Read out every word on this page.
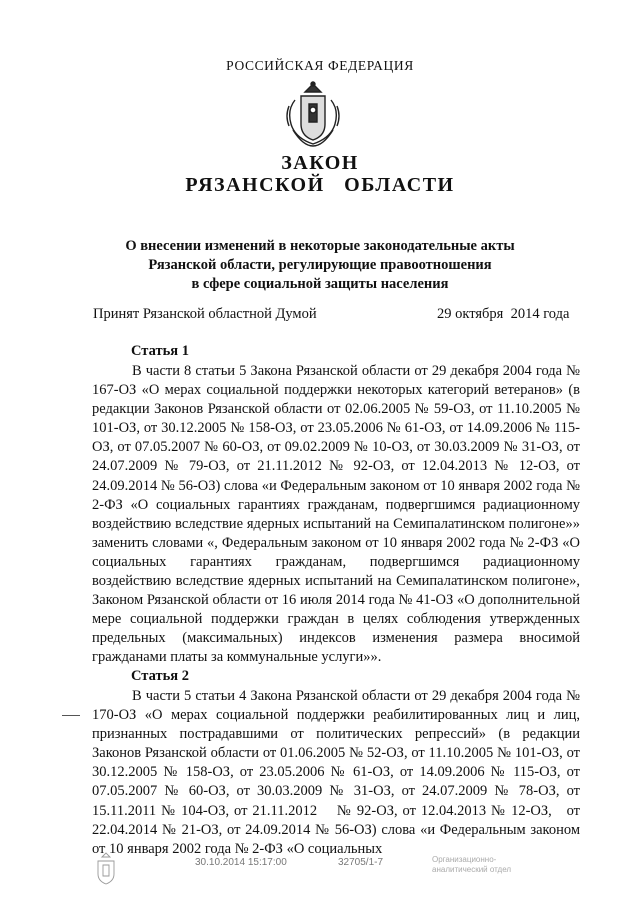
РОССИЙСКАЯ ФЕДЕРАЦИЯ
ЗАКОН
РЯЗАНСКОЙ   ОБЛАСТИ
О внесении изменений в некоторые законодательные акты
Рязанской области, регулирующие правоотношения
в сфере социальной защиты населения
Принят Рязанской областной Думой	29 октября  2014 года
Статья 1

В части 8 статьи 5 Закона Рязанской области от 29 декабря 2004 года № 167-ОЗ «О мерах социальной поддержки некоторых категорий ветеранов» (в редакции Законов Рязанской области от 02.06.2005 № 59-ОЗ, от 11.10.2005 № 101-ОЗ, от 30.12.2005 № 158-ОЗ, от 23.05.2006 № 61-ОЗ, от 14.09.2006 № 115-ОЗ, от 07.05.2007 № 60-ОЗ, от 09.02.2009 № 10-ОЗ, от 30.03.2009 № 31-ОЗ, от 24.07.2009 № 79-ОЗ, от 21.11.2012 № 92-ОЗ, от 12.04.2013 № 12-ОЗ, от 24.09.2014 № 56-ОЗ) слова «и Федеральным законом от 10 января 2002 года № 2-ФЗ «О социальных гарантиях гражданам, подвергшимся радиационному воздействию вследствие ядерных испытаний на Семипалатинском полигоне»» заменить словами «, Федеральным законом от 10 января 2002 года № 2-ФЗ «О социальных гарантиях гражданам, подвергшимся радиационному воздействию вследствие ядерных испытаний на Семипалатинском полигоне», Законом Рязанской области от 16 июля 2014 года № 41-ОЗ «О дополнительной мере социальной поддержки граждан в целях соблюдения утвержденных предельных (максимальных) индексов изменения размера вносимой гражданами платы за коммунальные услуги»».

Статья 2

В части 5 статьи 4 Закона Рязанской области от 29 декабря 2004 года № 170-ОЗ «О мерах социальной поддержки реабилитированных лиц и лиц, признанных пострадавшими от политических репрессий» (в редакции Законов Рязанской области от 01.06.2005 № 52-ОЗ, от 11.10.2005 № 101-ОЗ, от 30.12.2005 № 158-ОЗ, от 23.05.2006 № 61-ОЗ, от 14.09.2006 № 115-ОЗ, от 07.05.2007 № 60-ОЗ, от 30.03.2009 № 31-ОЗ, от 24.07.2009 № 78-ОЗ, от 15.11.2011 № 104-ОЗ, от 21.11.2012    № 92-ОЗ, от 12.04.2013 № 12-ОЗ,   от   22.04.2014 № 21-ОЗ, от 24.09.2014 № 56-ОЗ) слова «и Федеральным законом от 10 января 2002 года № 2-ФЗ «О социальных

30.10.2014 15:17:00	32705/1-7	Организационно-
аналитический отдел
